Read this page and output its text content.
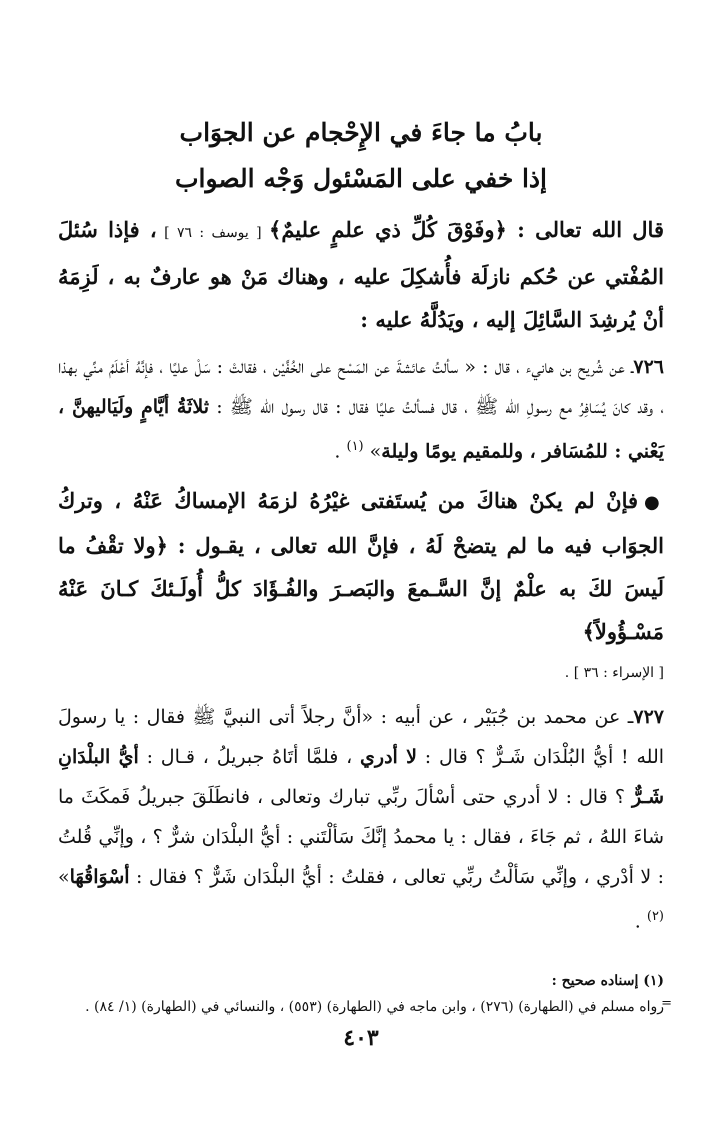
بابُ ما جاءَ في الإِحْجام عن الجوَاب
إذا خفي على المَسْئول وَجْه الصواب

قال الله تعالى : ﴿وفَوْقَ كُلِّ ذي علمٍ عليمٌ﴾ [ يوسف : ٧٦ ] ، فإذا سُئلَ المُفْتي عن حُكم نازلَة فأُشكِلَ عليه ، وهناك مَنْ هو عارفٌ به ، لَزِمَهُ أنْ يُرشِدَ السَّائِلَ إليه ، ويَدُلَّهُ عليه :

٧٢٦ـ عن شُريح بن هانيء ، قال : « سألتُ عائشةَ عن المَسْح على الخُفَّيْن ، فقالتْ : سَلْ عليًا ، فإنَّهُ أعْلَمُ منِّي بهذا ، وقد كانَ يُسَافِرُ مع رسولِ الله ﷺ ، قال فسألتُ عليًا فقال : قال رسول الله ﷺ : ثلاثَةُ أيَّامٍ ولَيَاليهنَّ ، يَعْني : للمُسَافر ، وللمقيم يومًا وليلة» $^{(١)}$ .

●فإنْ لم يكنْ هناكَ من يُستَفتى غيْرُهُ لزمَهُ الإمساكُ عَنْهُ ، وتركُ الجوَاب فيه ما لم يتضحْ لَهُ ، فإنَّ الله تعالى ، يقـول : ﴿ولا تقْفُ ما لَيسَ لكَ به علْمٌ إنَّ السَّـمعَ والبَصـرَ والفُـؤَادَ كلُّ أُولَـئكَ كـانَ عَنْهُ مَسْـؤُولاً﴾

[ الإسراء : ٣٦ ] .

٧٢٧ـ عن محمد بن جُبَيْر ، عن أبيه : «أنَّ رجلاً أتى النبيَّ ﷺ فقال : يا رسولَ الله ! أيُّ البُلْدَان شَـرٌّ ؟ قال : لا أدري ، فلمَّا أتَاهُ جبريلُ ، قـال : أيُّ البلْدَانِ شَـرٌّ ؟ قال : لا أدري حتى أسْألَ ربِّي تبارك وتعالى ، فانطَلَقَ جبريلُ فَمكَثَ ما شاءَ اللهُ ، ثم جَاءَ ، فقال : يا محمدُ إنَّكَ سَألْتَني : أيُّ البلْدَان شرٌّ ؟ ، وإنِّي قُلتُ : لا أدْري ، وإنِّي سَألْتُ ربِّي تعالى ، فقلتُ : أيُّ البلْدَان شَرٌّ ؟ فقال : أسْوَاقُهَا» $^{(٢)}$ .

(١) إسناده صحيح :

رواه مسلم في (الطهارة) (٢٧٦) ، وابن ماجه في (الطهارة) (٥٥٣) ، والنسائي في (الطهارة) (١/ ٨٤) .

=
٤٠٣
